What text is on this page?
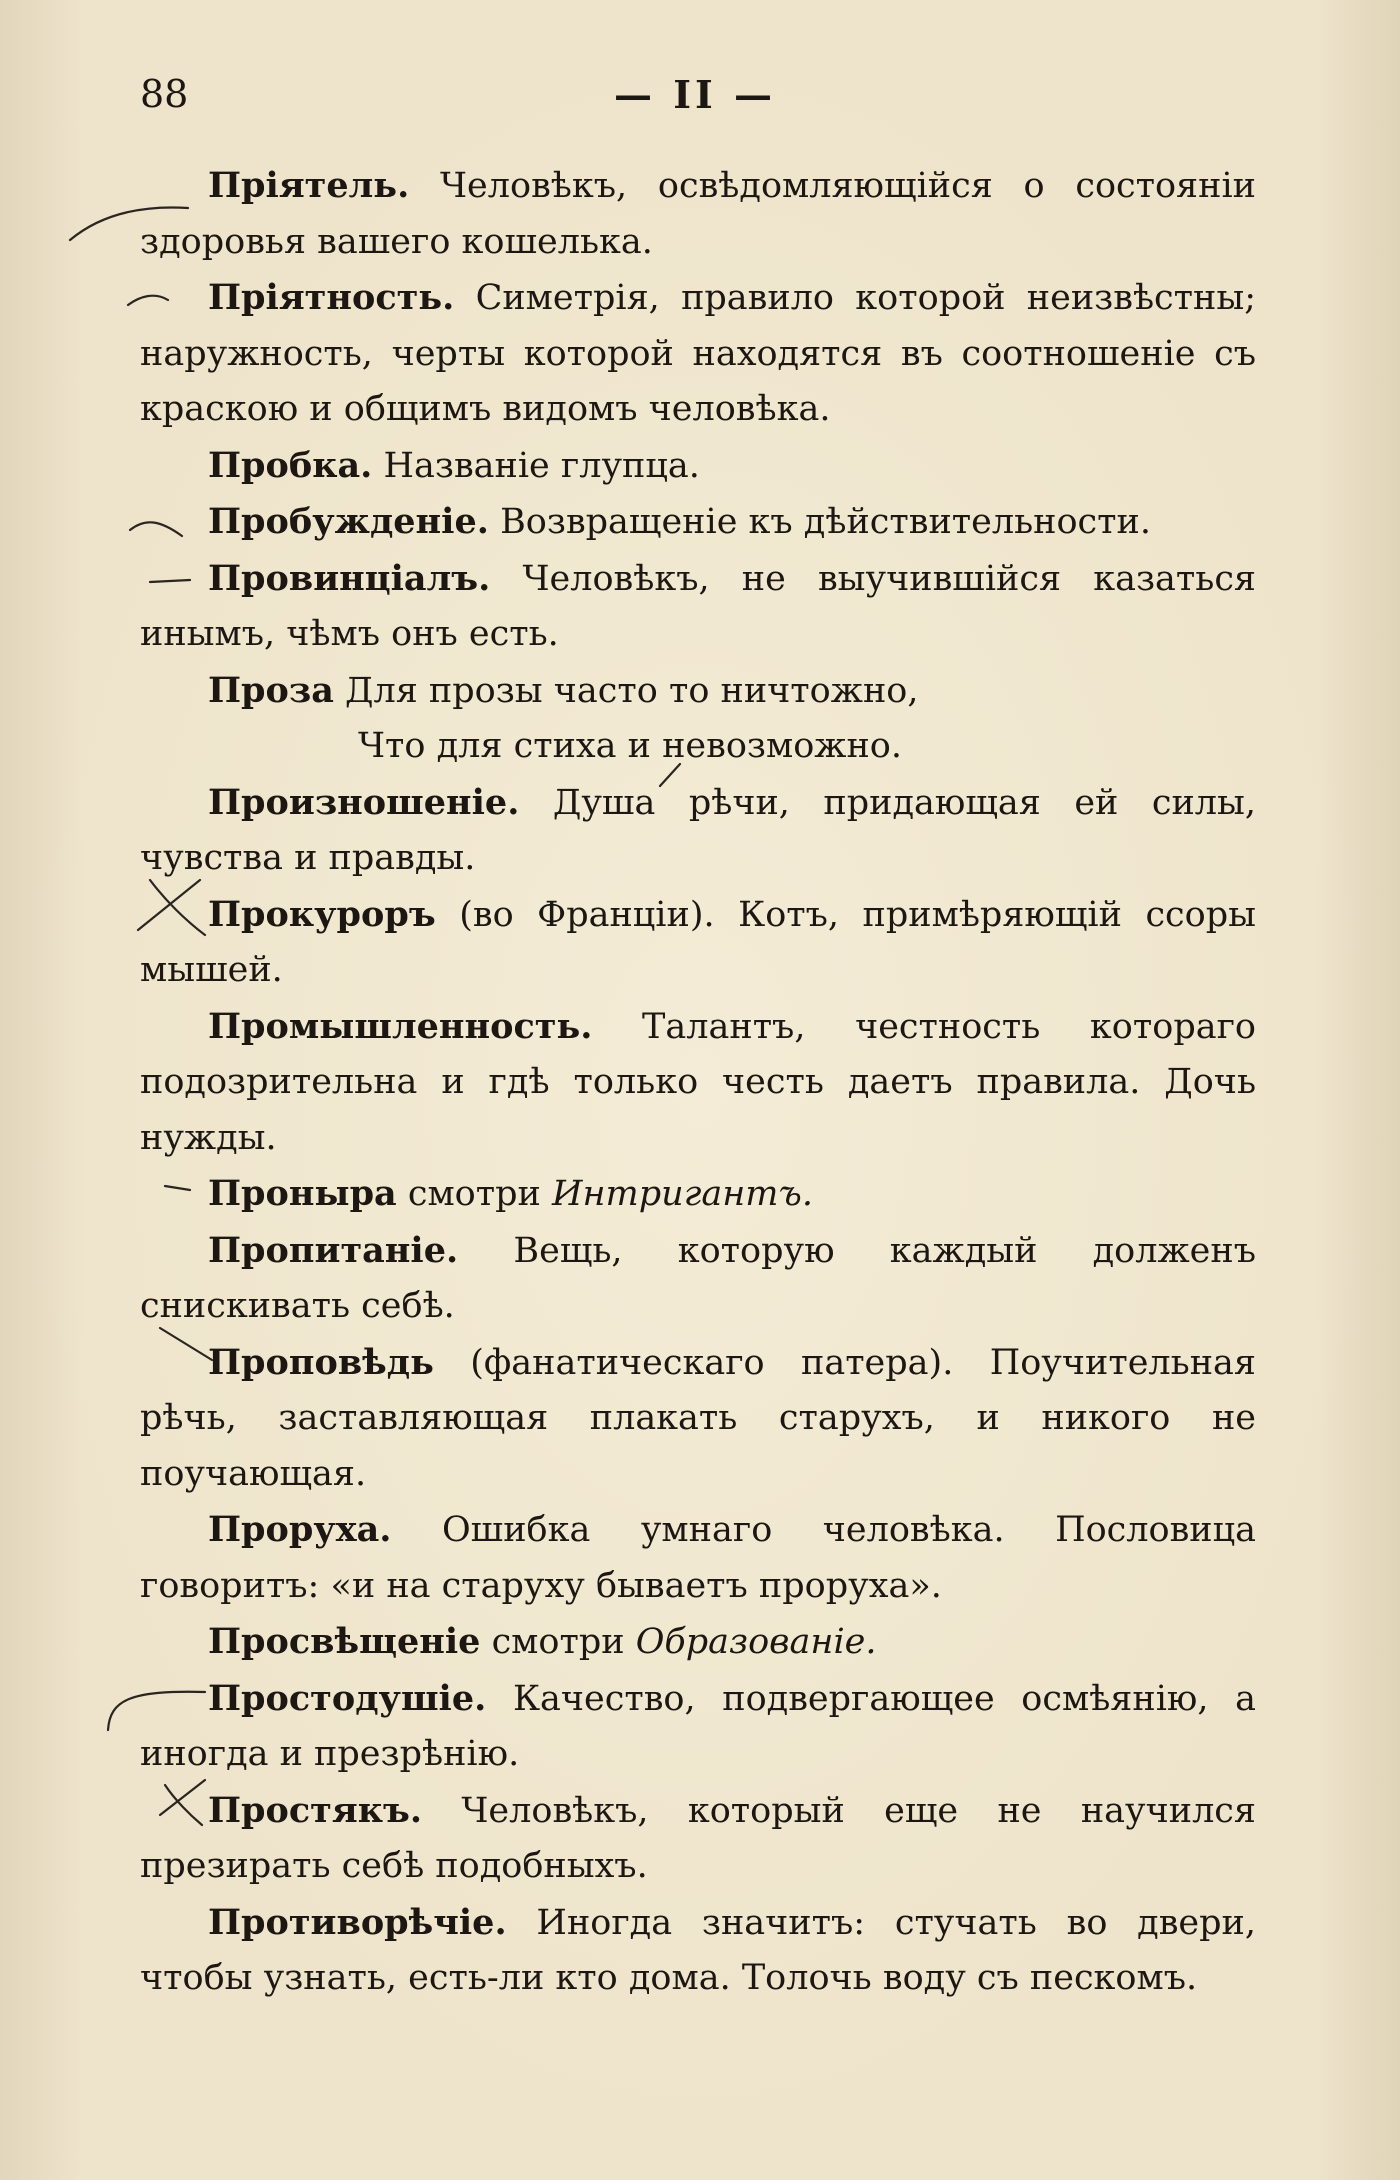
88	— II —

Пріятель. Человѣкъ, освѣдомляющійся о состояніи здоровья вашего кошелька.

Пріятность. Симетрія, правило которой неизвѣстны; наружность, черты которой находятся въ соотношеніе съ краскою и общимъ видомъ человѣка.

Пробка. Названіе глупца.

Пробужденіе. Возвращеніе къ дѣйствительности.

Провинціалъ. Человѣкъ, не выучившійся казаться инымъ, чѣмъ онъ есть.

Проза Для прозы часто то ничтожно,

Что для стиха и невозможно.

Произношеніе. Душа рѣчи, придающая ей силы, чувства и правды.

Прокуроръ (во Франціи). Котъ, примѣряющій ссоры мышей.

Промышленность. Талантъ, честность котораго подозрительна и гдѣ только честь даетъ правила. Дочь нужды.

Проныра смотри Интригантъ.

Пропитаніе. Вещь, которую каждый долженъ снискивать себѣ.

Проповѣдь (фанатическаго патера). Поучительная рѣчь, заставляющая плакать старухъ, и никого не поучающая.

Проруха. Ошибка умнаго человѣка. Пословица говоритъ: «и на старуху бываетъ проруха».

Просвѣщеніе смотри Образованіе.

Простодушіе. Качество, подвергающее осмѣянію, а иногда и презрѣнію.

Простякъ. Человѣкъ, который еще не научился презирать себѣ подобныхъ.

Противорѣчіе. Иногда значитъ: стучать во двери, чтобы узнать, есть-ли кто дома. Толочь воду съ пескомъ.
